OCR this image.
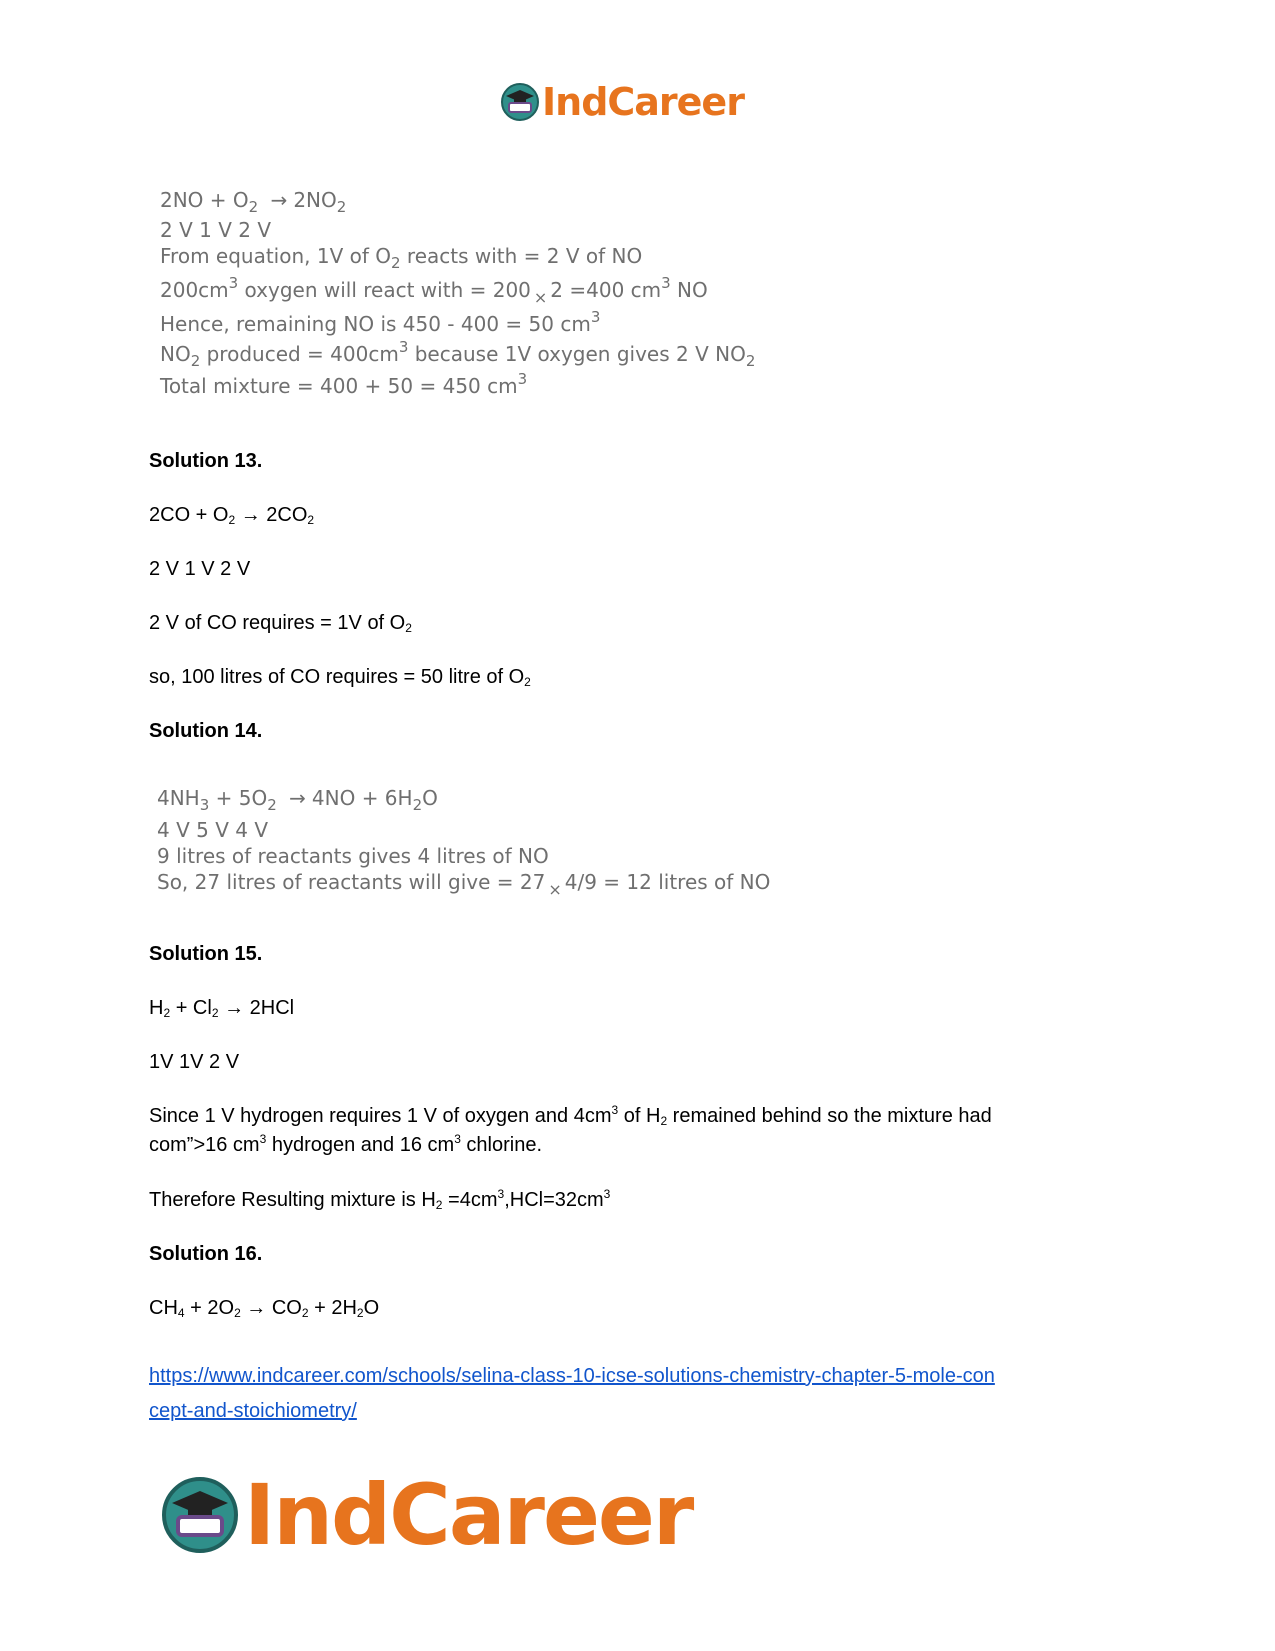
IndCareer
$2NO + O_2 \to 2NO_2$
2 V 1 V 2 V
From equation, 1V of $O_2$ reacts with = 2 V of NO
$200cm^3$ oxygen will react with = 200 $_\times$ 2 =400 $cm^3$ NO
Hence, remaining NO is 450 - 400 = 50 $cm^3$
$NO_2$ produced = $400cm^3$ because 1V oxygen gives 2 V $NO_2$
Total mixture = 400 + 50 = 450 $cm^3$
Solution 13.
$2CO + O_2 \to 2CO_2$
2 V 1 V 2 V
2 V of CO requires = 1V of $O_2$
so, 100 litres of CO requires = 50 litre of $O_2$
Solution 14.
$4NH_3 + 5O_2 \to 4NO + 6H_2O$
4 V 5 V 4 V
9 litres of reactants gives 4 litres of NO
So, 27 litres of reactants will give = 27 $_\times$ 4/9 = 12 litres of NO
Solution 15.
$H_2 + Cl_2 \to 2HCl$
1V 1V 2 V
Since 1 V hydrogen requires 1 V of oxygen and $4cm^3$ of $H_2$ remained behind so the mixture had
com”>16 $cm^3$ hydrogen and 16 $cm^3$ chlorine.
Therefore Resulting mixture is $H_2 =4cm^3,HCl=32cm^3$
Solution 16.
$CH_4 + 2O_2 \to CO_2 + 2H_2O$
https://www.indcareer.com/schools/selina-class-10-icse-solutions-chemistry-chapter-5-mole-con
cept-and-stoichiometry/
IndCareer
